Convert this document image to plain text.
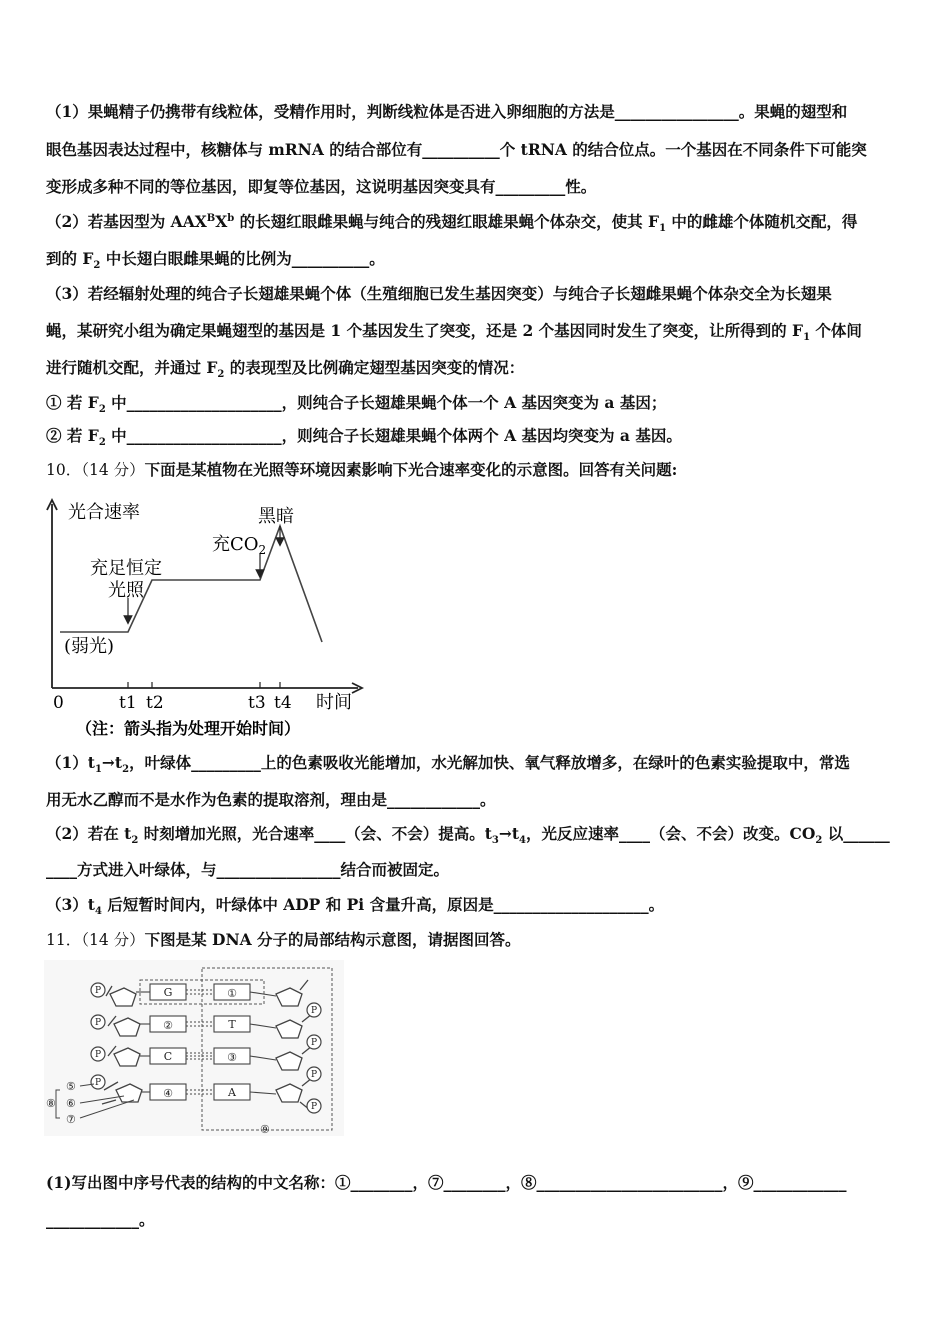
（1）果蝇精子仍携带有线粒体，受精作用时，判断线粒体是否进入卵细胞的方法是________________。果蝇的翅型和
眼色基因表达过程中，核糖体与 mRNA 的结合部位有__________个 tRNA 的结合位点。一个基因在不同条件下可能突
变形成多种不同的等位基因，即复等位基因，这说明基因突变具有_________性。
（2）若基因型为 $AAX^BX^b$ 的长翅红眼雌果蝇与纯合的残翅红眼雄果蝇个体杂交，使其 $F_1$ 中的雌雄个体随机交配，得
到的 $F_2$ 中长翅白眼雌果蝇的比例为__________。
（3）若经辐射处理的纯合子长翅雄果蝇个体（生殖细胞已发生基因突变）与纯合子长翅雌果蝇个体杂交全为长翅果
蝇，某研究小组为确定果蝇翅型的基因是 1 个基因发生了突变，还是 2 个基因同时发生了突变，让所得到的 $F_1$ 个体间
进行随机交配，并通过 $F_2$ 的表现型及比例确定翅型基因突变的情况：
① 若 $F_2$ 中____________________，则纯合子长翅雄果蝇个体一个 A 基因突变为 a 基因；
② 若 $F_2$ 中____________________，则纯合子长翅雄果蝇个体两个 A 基因均突变为 a 基因。
10．（14 分）下面是某植物在光照等环境因素影响下光合速率变化的示意图。回答有关问题:
光合速率	黑暗
充$CO_2$
充足恒定
光照
(弱光)
0	t1 t2	t3 t4 时间
（注：箭头指为处理开始时间）
$(1)t_1\to t_2$，叶绿体_________上的色素吸收光能增加，水光解加快、氧气释放增多，在绿叶的色素实验提取中，常选
用无水乙醇而不是水作为色素的提取溶剂，理由是____________。
（2）若在 $t_2$ 时刻增加光照，光合速率____（会、不会）提高。$t_3\to t_4$，光反应速率____（会、不会）改变。$CO_2$ 以______
____方式进入叶绿体，与________________结合而被固定。
$(3)t_4$ 后短暂时间内，叶绿体中 ADP 和 Pi 含量升高，原因是____________________。
11．（14 分）下图是某 DNA 分子的局部结构示意图，请据图回答。
P
P
P
P
P
P
P
P
G	①
②	T
C	③
④	A
⑤
⑥
⑦
⑧
⑨
(1)写出图中序号代表的结构的中文名称：①________，⑦________，⑧________________________，⑨____________
____________。
